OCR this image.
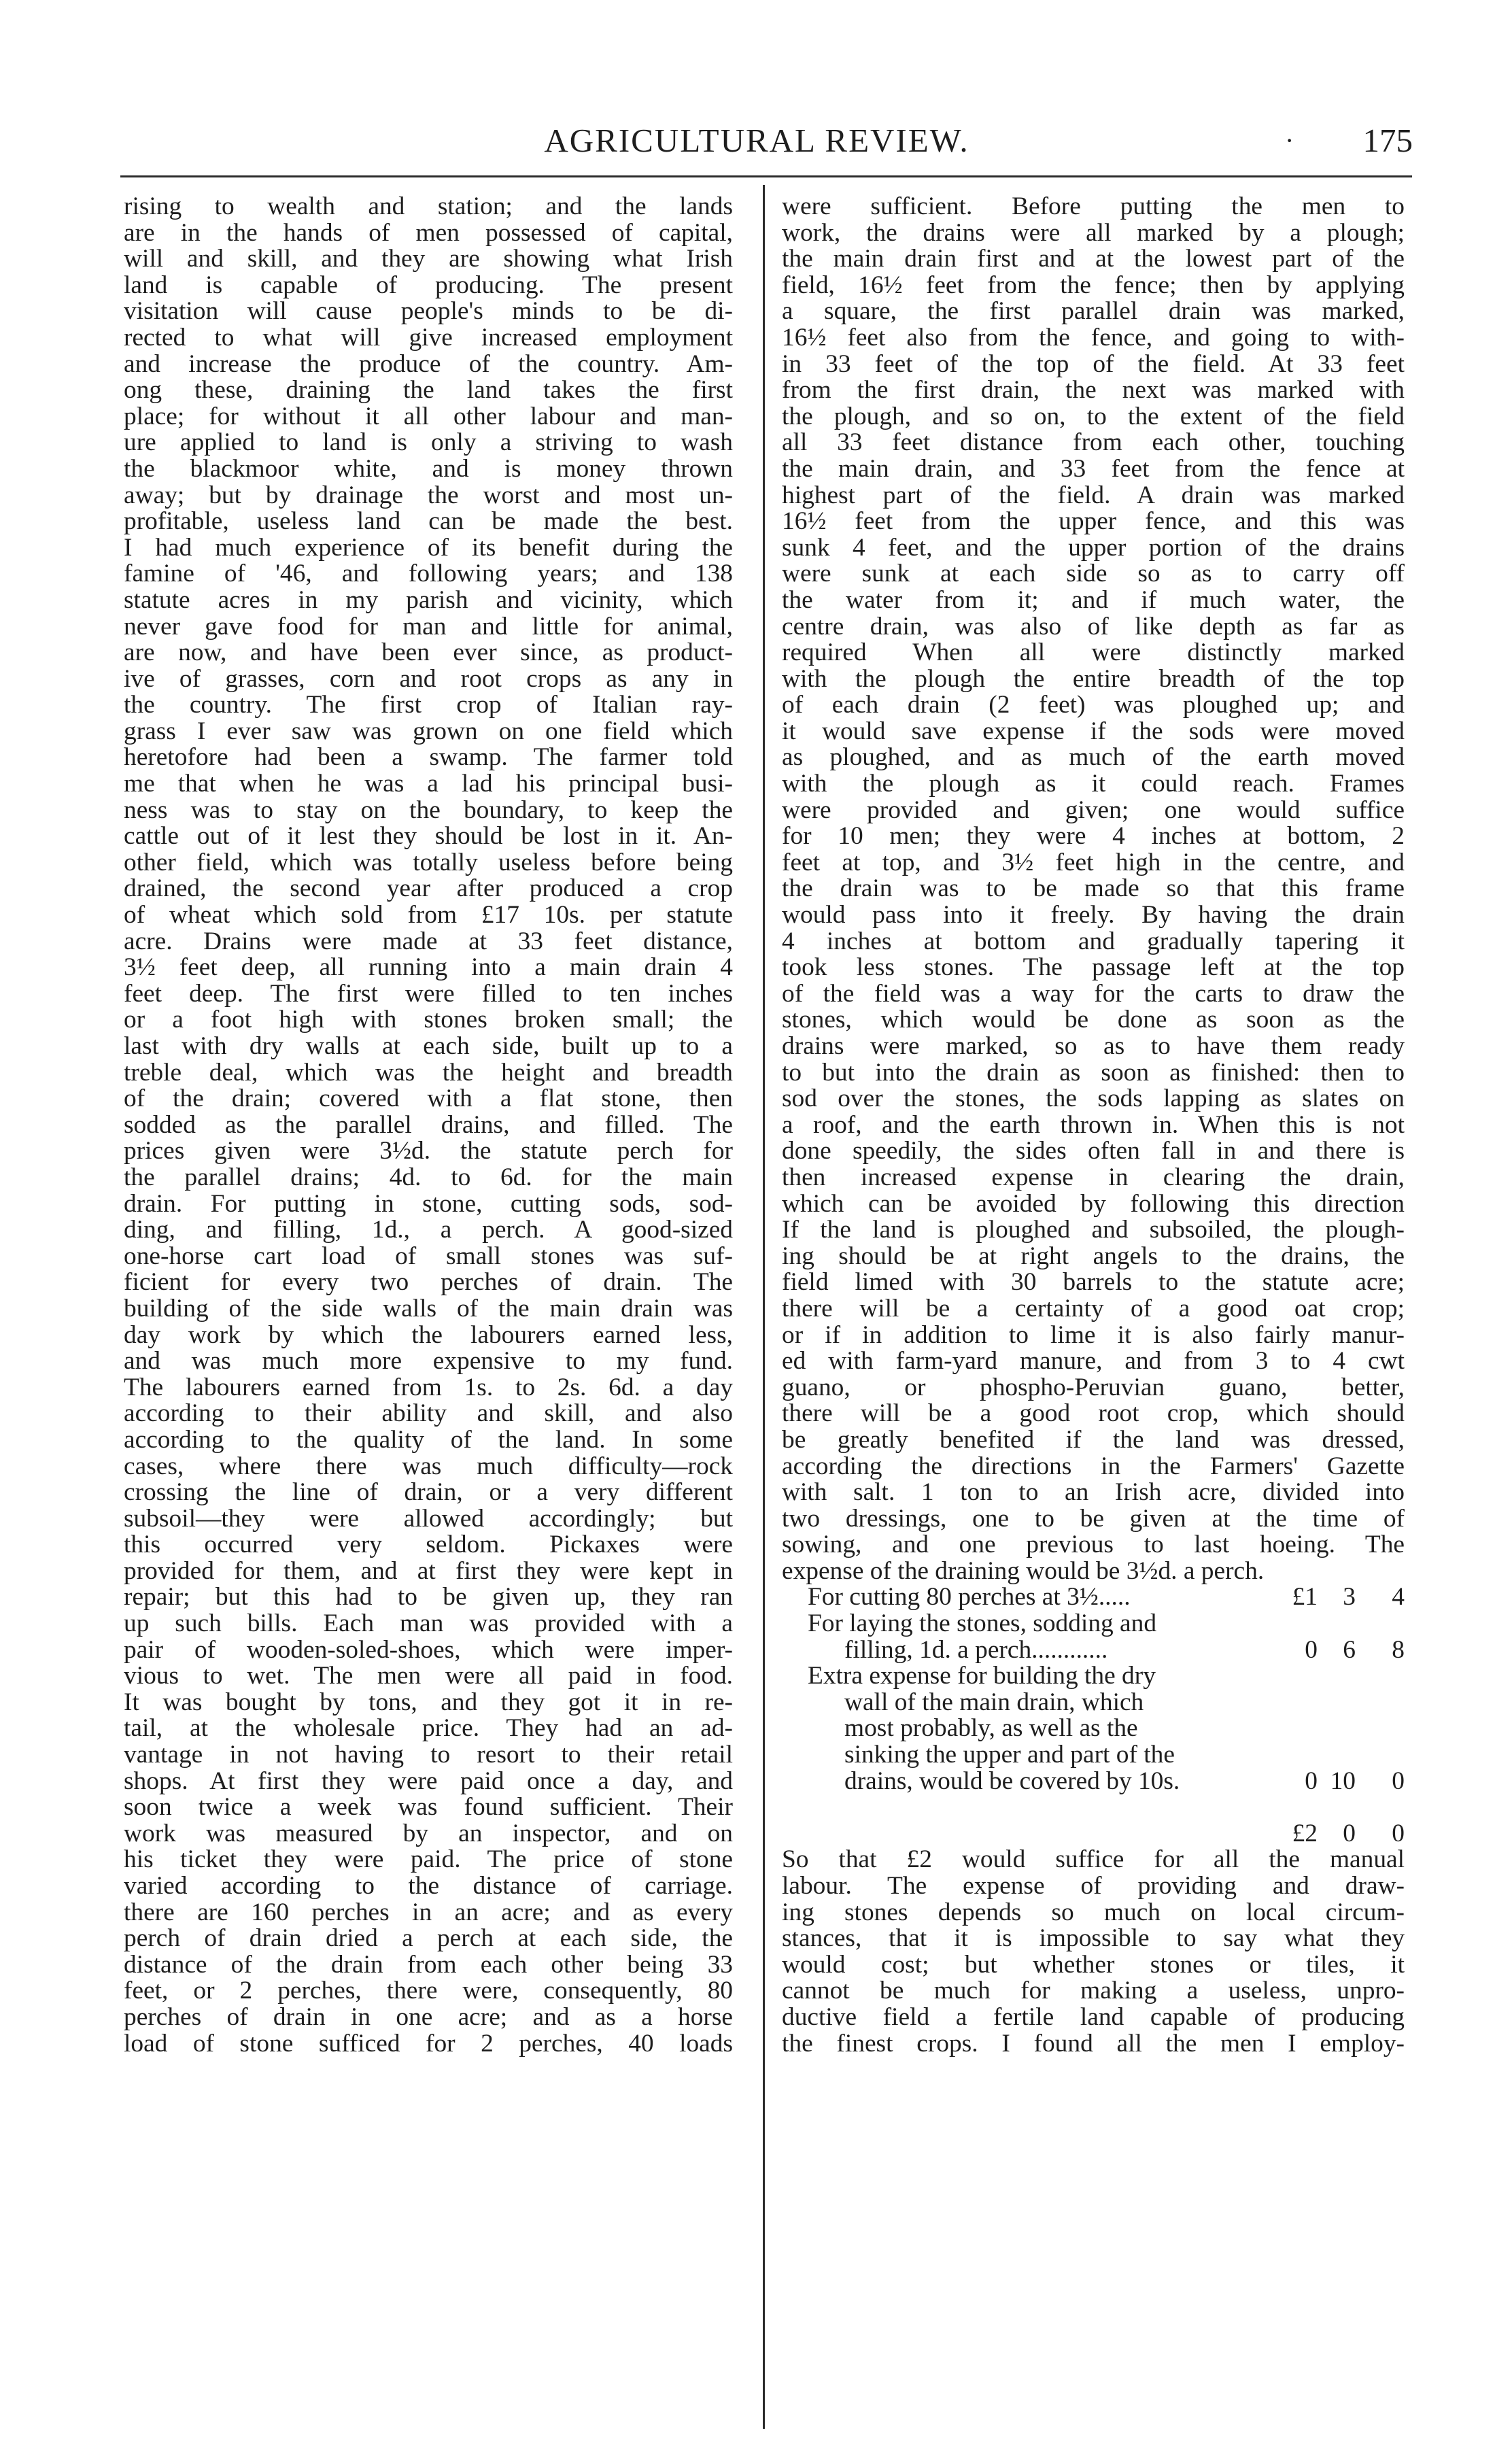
AGRICULTURAL REVIEW.	· 175
rising to wealth and station; and the lands
are in the hands of men possessed of capital,
will and skill, and they are showing what Irish
land is capable of producing. The present
visitation will cause people's minds to be di-
rected to what will give increased employment
and increase the produce of the country. Am-
ong these, draining the land takes the first
place; for without it all other labour and man-
ure applied to land is only a striving to wash
the blackmoor white, and is money thrown
away; but by drainage the worst and most un-
profitable, useless land can be made the best.
I had much experience of its benefit during the
famine of '46, and following years; and 138
statute acres in my parish and vicinity, which
never gave food for man and little for animal,
are now, and have been ever since, as product-
ive of grasses, corn and root crops as any in
the country. The first crop of Italian ray-
grass I ever saw was grown on one field which
heretofore had been a swamp. The farmer told
me that when he was a lad his principal busi-
ness was to stay on the boundary, to keep the
cattle out of it lest they should be lost in it. An-
other field, which was totally useless before being
drained, the second year after produced a crop
of wheat which sold from £17 10s. per statute
acre. Drains were made at 33 feet distance,
3½ feet deep, all running into a main drain 4
feet deep. The first were filled to ten inches
or a foot high with stones broken small; the
last with dry walls at each side, built up to a
treble deal, which was the height and breadth
of the drain; covered with a flat stone, then
sodded as the parallel drains, and filled. The
prices given were 3½d. the statute perch for
the parallel drains; 4d. to 6d. for the main
drain. For putting in stone, cutting sods, sod-
ding, and filling, 1d., a perch. A good-sized
one-horse cart load of small stones was suf-
ficient for every two perches of drain. The
building of the side walls of the main drain was
day work by which the labourers earned less,
and was much more expensive to my fund.
The labourers earned from 1s. to 2s. 6d. a day
according to their ability and skill, and also
according to the quality of the land. In some
cases, where there was much difficulty—rock
crossing the line of drain, or a very different
subsoil—they were allowed accordingly; but
this occurred very seldom. Pickaxes were
provided for them, and at first they were kept in
repair; but this had to be given up, they ran
up such bills. Each man was provided with a
pair of wooden-soled-shoes, which were imper-
vious to wet. The men were all paid in food.
It was bought by tons, and they got it in re-
tail, at the wholesale price. They had an ad-
vantage in not having to resort to their retail
shops. At first they were paid once a day, and
soon twice a week was found sufficient. Their
work was measured by an inspector, and on
his ticket they were paid. The price of stone
varied according to the distance of carriage.
there are 160 perches in an acre; and as every
perch of drain dried a perch at each side, the
distance of the drain from each other being 33
feet, or 2 perches, there were, consequently, 80
perches of drain in one acre; and as a horse
load of stone sufficed for 2 perches, 40 loads
were sufficient. Before putting the men to
work, the drains were all marked by a plough;
the main drain first and at the lowest part of the
field, 16½ feet from the fence; then by applying
a square, the first parallel drain was marked,
16½ feet also from the fence, and going to with-
in 33 feet of the top of the field. At 33 feet
from the first drain, the next was marked with
the plough, and so on, to the extent of the field
all 33 feet distance from each other, touching
the main drain, and 33 feet from the fence at
highest part of the field. A drain was marked
16½ feet from the upper fence, and this was
sunk 4 feet, and the upper portion of the drains
were sunk at each side so as to carry off
the water from it; and if much water, the
centre drain, was also of like depth as far as
required When all were distinctly marked
with the plough the entire breadth of the top
of each drain (2 feet) was ploughed up; and
it would save expense if the sods were moved
as ploughed, and as much of the earth moved
with the plough as it could reach. Frames
were provided and given; one would suffice
for 10 men; they were 4 inches at bottom, 2
feet at top, and 3½ feet high in the centre, and
the drain was to be made so that this frame
would pass into it freely. By having the drain
4 inches at bottom and gradually tapering it
took less stones. The passage left at the top
of the field was a way for the carts to draw the
stones, which would be done as soon as the
drains were marked, so as to have them ready
to but into the drain as soon as finished: then to
sod over the stones, the sods lapping as slates on
a roof, and the earth thrown in. When this is not
done speedily, the sides often fall in and there is
then increased expense in clearing the drain,
which can be avoided by following this direction
If the land is ploughed and subsoiled, the plough-
ing should be at right angels to the drains, the
field limed with 30 barrels to the statute acre;
there will be a certainty of a good oat crop;
or if in addition to lime it is also fairly manur-
ed with farm-yard manure, and from 3 to 4 cwt
guano, or phospho-Peruvian guano, better,
there will be a good root crop, which should
be greatly benefited if the land was dressed,
according the directions in the Farmers' Gazette
with salt. 1 ton to an Irish acre, divided into
two dressings, one to be given at the time of
sowing, and one previous to last hoeing. The
expense of the draining would be 3½d. a perch.
For cutting 80 perches at 3½.....	£1 3	4
For laying the stones, sodding and
filling, 1d. a perch............	0 6	8
Extra expense for building the dry
wall of the main drain, which
most probably, as well as the
sinking the upper and part of the
drains, would be covered by 10s.	0 10	0
£2 0	0
So that £2 would suffice for all the manual
labour. The expense of providing and draw-
ing stones depends so much on local circum-
stances, that it is impossible to say what they
would cost; but whether stones or tiles, it
cannot be much for making a useless, unpro-
ductive field a fertile land capable of producing
the finest crops. I found all the men I employ-
